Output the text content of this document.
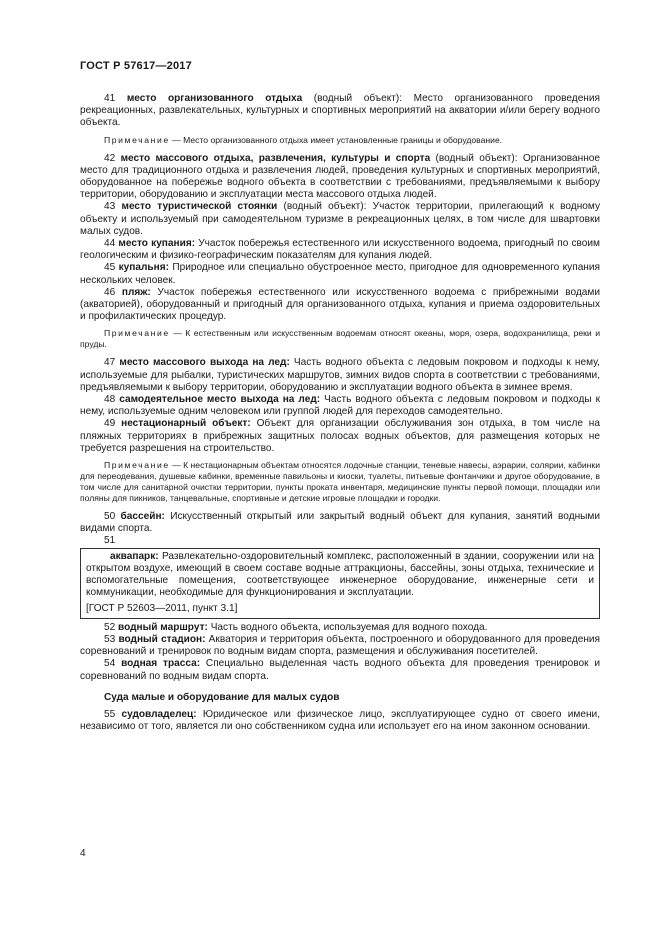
ГОСТ Р 57617—2017

41 место организованного отдыха (водный объект): Место организованного проведения рекреационных, развлекательных, культурных и спортивных мероприятий на акватории и/или берегу водного объекта.

Примечание — Место организованного отдыха имеет установленные границы и оборудование.

42 место массового отдыха, развлечения, культуры и спорта (водный объект): Организованное место для традиционного отдыха и развлечения людей, проведения культурных и спортивных мероприятий, оборудованное на побережье водного объекта в соответствии с требованиями, предъявляемыми к выбору территории, оборудованию и эксплуатации места массового отдыха людей.

43 место туристической стоянки (водный объект): Участок территории, прилегающий к водному объекту и используемый при самодеятельном туризме в рекреационных целях, в том числе для швартовки малых судов.

44 место купания: Участок побережья естественного или искусственного водоема, пригодный по своим геологическим и физико-географическим показателям для купания людей.

45 купальня: Природное или специально обустроенное место, пригодное для одновременного купания нескольких человек.

46 пляж: Участок побережья естественного или искусственного водоема с прибрежными водами (акваторией), оборудованный и пригодный для организованного отдыха, купания и приема оздоровительных и профилактических процедур.

Примечание — К естественным или искусственным водоемам относят океаны, моря, озера, водохранилища, реки и пруды.

47 место массового выхода на лед: Часть водного объекта с ледовым покровом и подходы к нему, используемые для рыбалки, туристических маршрутов, зимних видов спорта в соответствии с требованиями, предъявляемыми к выбору территории, оборудованию и эксплуатации водного объекта в зимнее время.

48 самодеятельное место выхода на лед: Часть водного объекта с ледовым покровом и подходы к нему, используемые одним человеком или группой людей для переходов самодеятельно.

49 нестационарный объект: Объект для организации обслуживания зон отдыха, в том числе на пляжных территориях в прибрежных защитных полосах водных объектов, для размещения которых не требуется разрешения на строительство.

Примечание — К нестационарным объектам относятся лодочные станции, теневые навесы, аэрарии, солярии, кабинки для переодевания, душевые кабинки, временные павильоны и киоски, туалеты, питьевые фонтанчики и другое оборудование, в том числе для санитарной очистки территории, пункты проката инвентаря, медицинские пункты первой помощи, площадки или поляны для пикников, танцевальные, спортивные и детские игровые площадки и городки.

50 бассейн: Искусственный открытый или закрытый водный объект для купания, занятий водными видами спорта.

51

аквапарк: Развлекательно-оздоровительный комплекс, расположенный в здании, сооружении или на открытом воздухе, имеющий в своем составе водные аттракционы, бассейны, зоны отдыха, технические и вспомогательные помещения, соответствующее инженерное оборудование, инженерные сети и коммуникации, необходимые для функционирования и эксплуатации.

[ГОСТ Р 52603—2011, пункт 3.1]

52 водный маршрут: Часть водного объекта, используемая для водного похода.

53 водный стадион: Акватория и территория объекта, построенного и оборудованного для проведения соревнований и тренировок по водным видам спорта, размещения и обслуживания посетителей.

54 водная трасса: Специально выделенная часть водного объекта для проведения тренировок и соревнований по водным видам спорта.

Суда малые и оборудование для малых судов

55 судовладелец: Юридическое или физическое лицо, эксплуатирующее судно от своего имени, независимо от того, является ли оно собственником судна или использует его на ином законном основании.

4
